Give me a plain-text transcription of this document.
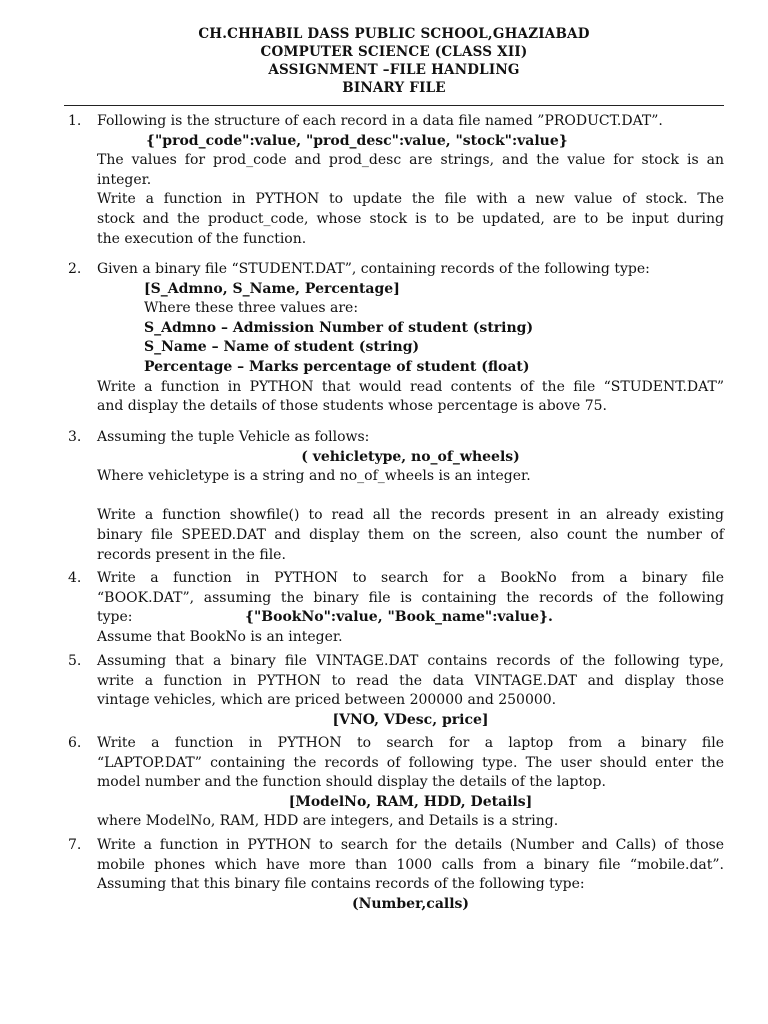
CH.CHHABIL DASS PUBLIC SCHOOL,GHAZIABAD
COMPUTER SCIENCE (CLASS XII)
ASSIGNMENT –FILE HANDLING
BINARY FILE
1. Following is the structure of each record in a data file named ”PRODUCT.DAT”.
{"prod_code":value, "prod_desc":value, "stock":value}
The values for prod_code and prod_desc are strings, and the value for stock is an
integer.
Write a function in PYTHON to update the file with a new value of stock. The
stock and the product_code, whose stock is to be updated, are to be input during
the execution of the function.
2. Given a binary file “STUDENT.DAT”, containing records of the following type:
[S_Admno, S_Name, Percentage]
Where these three values are:
S_Admno – Admission Number of student (string)
S_Name – Name of student (string)
Percentage – Marks percentage of student (float)
Write a function in PYTHON that would read contents of the file “STUDENT.DAT”
and display the details of those students whose percentage is above 75.
3. Assuming the tuple Vehicle as follows:
( vehicletype, no_of_wheels)
Where vehicletype is a string and no_of_wheels is an integer.
Write a function showfile() to read all the records present in an already existing
binary file SPEED.DAT and display them on the screen, also count the number of
records present in the file.
4. Write a function in PYTHON to search for a BookNo from a binary file
“BOOK.DAT”, assuming the binary file is containing the records of the following
type:	{"BookNo":value, "Book_name":value}.
Assume that BookNo is an integer.
5. Assuming that a binary file VINTAGE.DAT contains records of the following type,
write a function in PYTHON to read the data VINTAGE.DAT and display those
vintage vehicles, which are priced between 200000 and 250000.
[VNO, VDesc, price]
6. Write a function in PYTHON to search for a laptop from a binary file
“LAPTOP.DAT” containing the records of following type. The user should enter the
model number and the function should display the details of the laptop.
[ModelNo, RAM, HDD, Details]
where ModelNo, RAM, HDD are integers, and Details is a string.
7. Write a function in PYTHON to search for the details (Number and Calls) of those
mobile phones which have more than 1000 calls from a binary file “mobile.dat”.
Assuming that this binary file contains records of the following type:
(Number,calls)
